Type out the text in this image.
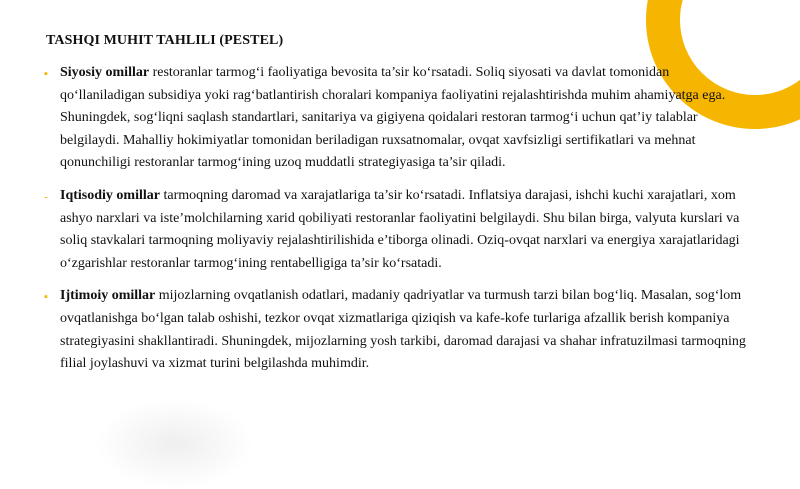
TASHQI MUHIT TAHLILI (PESTEL)
▪ Siyosiy omillar restoranlar tarmog‘i faoliyatiga bevosita ta’sir ko‘rsatadi. Soliq siyosati va davlat tomonidan qo‘llaniladigan subsidiya yoki rag‘batlantirish choralari kompaniya faoliyatini rejalashtirishda muhim ahamiyatga ega. Shuningdek, sog‘liqni saqlash standartlari, sanitariya va gigiyena qoidalari restoran tarmog‘i uchun qat’iy talablar belgilaydi. Mahalliy hokimiyatlar tomonidan beriladigan ruxsatnomalar, ovqat xavfsizligi sertifikatlari va mehnat qonunchiligi restoranlar tarmog‘ining uzoq muddatli strategiyasiga ta’sir qiladi.

- Iqtisodiy omillar tarmoqning daromad va xarajatlariga ta’sir ko‘rsatadi. Inflatsiya darajasi, ishchi kuchi xarajatlari, xom ashyo narxlari va iste’molchilarning xarid qobiliyati restoranlar faoliyatini belgilaydi. Shu bilan birga, valyuta kurslari va soliq stavkalari tarmoqning moliyaviy rejalashtirilishida e’tiborga olinadi. Oziq-ovqat narxlari va energiya xarajatlaridagi o‘zgarishlar restoranlar tarmog‘ining rentabelligiga ta’sir ko‘rsatadi.

▪ Ijtimoiy omillar mijozlarning ovqatlanish odatlari, madaniy qadriyatlar va turmush tarzi bilan bog‘liq. Masalan, sog‘lom ovqatlanishga bo‘lgan talab oshishi, tezkor ovqat xizmatlariga qiziqish va kafe-kofe turlariga afzallik berish kompaniya strategiyasini shakllantiradi. Shuningdek, mijozlarning yosh tarkibi, daromad darajasi va shahar infratuzilmasi tarmoqning filial joylashuvi va xizmat turini belgilashda muhimdir.
